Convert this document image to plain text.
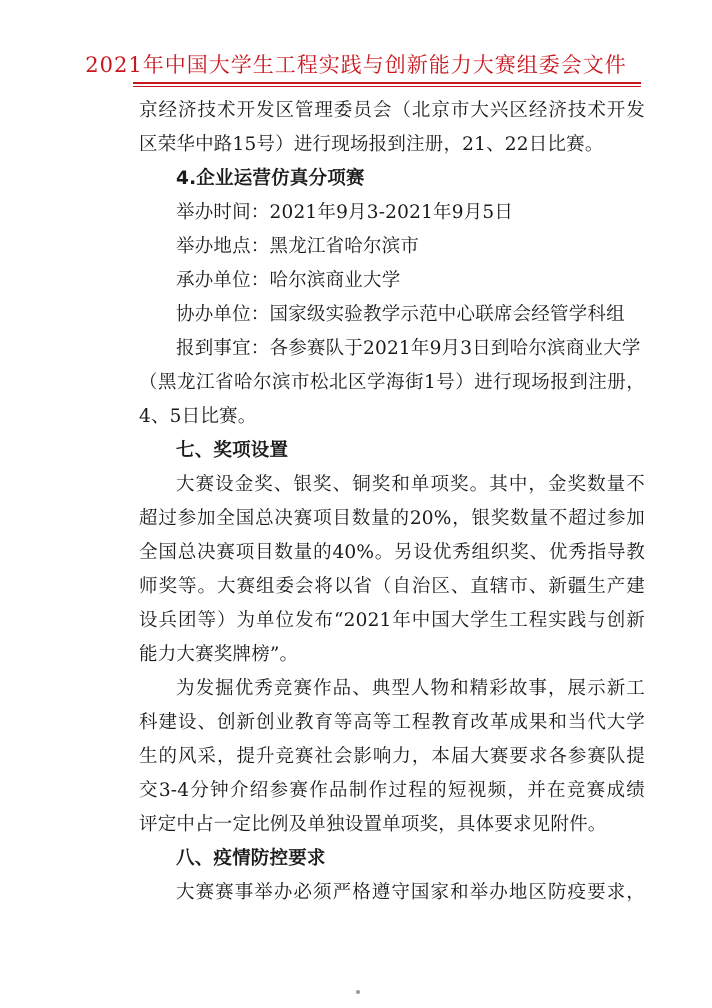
2021年中国大学生工程实践与创新能力大赛组委会文件
京经济技术开发区管理委员会（北京市大兴区经济技术开发
区荣华中路15号）进行现场报到注册，21、22日比赛。
4.企业运营仿真分项赛
举办时间：2021年9月3-2021年9月5日
举办地点：黑龙江省哈尔滨市
承办单位：哈尔滨商业大学
协办单位：国家级实验教学示范中心联席会经管学科组
报到事宜：各参赛队于2021年9月3日到哈尔滨商业大学
（黑龙江省哈尔滨市松北区学海街1号）进行现场报到注册，
4、5日比赛。
七、奖项设置
大赛设金奖、银奖、铜奖和单项奖。其中，金奖数量不
超过参加全国总决赛项目数量的20%，银奖数量不超过参加
全国总决赛项目数量的40%。另设优秀组织奖、优秀指导教
师奖等。大赛组委会将以省（自治区、直辖市、新疆生产建
设兵团等）为单位发布“2021年中国大学生工程实践与创新
能力大赛奖牌榜”。
为发掘优秀竞赛作品、典型人物和精彩故事，展示新工
科建设、创新创业教育等高等工程教育改革成果和当代大学
生的风采，提升竞赛社会影响力，本届大赛要求各参赛队提
交3-4分钟介绍参赛作品制作过程的短视频，并在竞赛成绩
评定中占一定比例及单独设置单项奖，具体要求见附件。
八、疫情防控要求
大赛赛事举办必须严格遵守国家和举办地区防疫要求，
